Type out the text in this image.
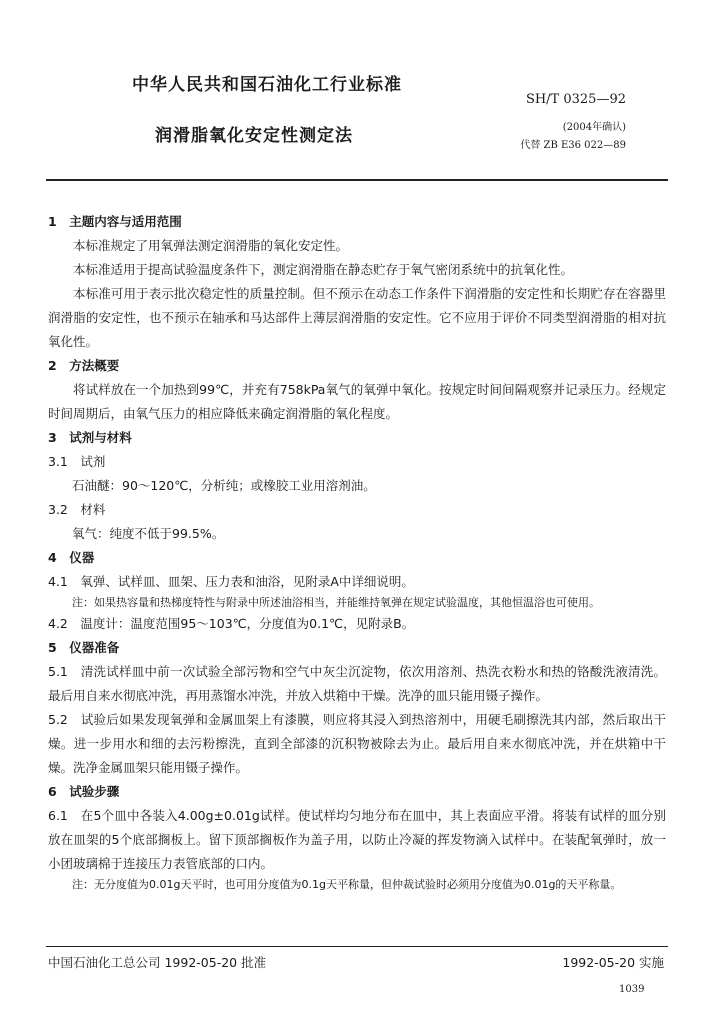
中华人民共和国石油化工行业标准
SH/T 0325—92
润滑脂氧化安定性测定法	(2004年确认)
代替 ZB E36 022—89
1　主题内容与适用范围
本标准规定了用氧弹法测定润滑脂的氧化安定性。
本标准适用于提高试验温度条件下，测定润滑脂在静态贮存于氧气密闭系统中的抗氧化性。
本标准可用于表示批次稳定性的质量控制。但不预示在动态工作条件下润滑脂的安定性和长期贮存在容器里润滑脂的安定性，也不预示在轴承和马达部件上薄层润滑脂的安定性。它不应用于评价不同类型润滑脂的相对抗氧化性。
2　方法概要
将试样放在一个加热到99℃，并充有758kPa氧气的氧弹中氧化。按规定时间间隔观察并记录压力。经规定时间周期后，由氧气压力的相应降低来确定润滑脂的氧化程度。
3　试剂与材料
3.1　试剂
石油醚：90～120℃，分析纯；或橡胶工业用溶剂油。
3.2　材料
氧气：纯度不低于99.5%。
4　仪器
4.1　氧弹、试样皿、皿架、压力表和油浴，见附录A中详细说明。
注：如果热容量和热梯度特性与附录中所述油浴相当，并能维持氧弹在规定试验温度，其他恒温浴也可使用。
4.2　温度计：温度范围95～103℃，分度值为0.1℃，见附录B。
5　仪器准备
5.1　清洗试样皿中前一次试验全部污物和空气中灰尘沉淀物，依次用溶剂、热洗衣粉水和热的铬酸洗液清洗。最后用自来水彻底冲洗，再用蒸馏水冲洗，并放入烘箱中干燥。洗净的皿只能用镊子操作。
5.2　试验后如果发现氧弹和金属皿架上有漆膜，则应将其浸入到热溶剂中，用硬毛刷擦洗其内部，然后取出干燥。进一步用水和细的去污粉擦洗，直到全部漆的沉积物被除去为止。最后用自来水彻底冲洗，并在烘箱中干燥。洗净金属皿架只能用镊子操作。
6　试验步骤
6.1　在5个皿中各装入4.00g±0.01g试样。使试样均匀地分布在皿中，其上表面应平滑。将装有试样的皿分别放在皿架的5个底部搁板上。留下顶部搁板作为盖子用，以防止冷凝的挥发物滴入试样中。在装配氧弹时，放一小团玻璃棉于连接压力表管底部的口内。
注：无分度值为0.01g天平时，也可用分度值为0.1g天平称量，但仲裁试验时必须用分度值为0.01g的天平称量。
中国石油化工总公司 1992-05-20 批准	1992-05-20 实施
1039
